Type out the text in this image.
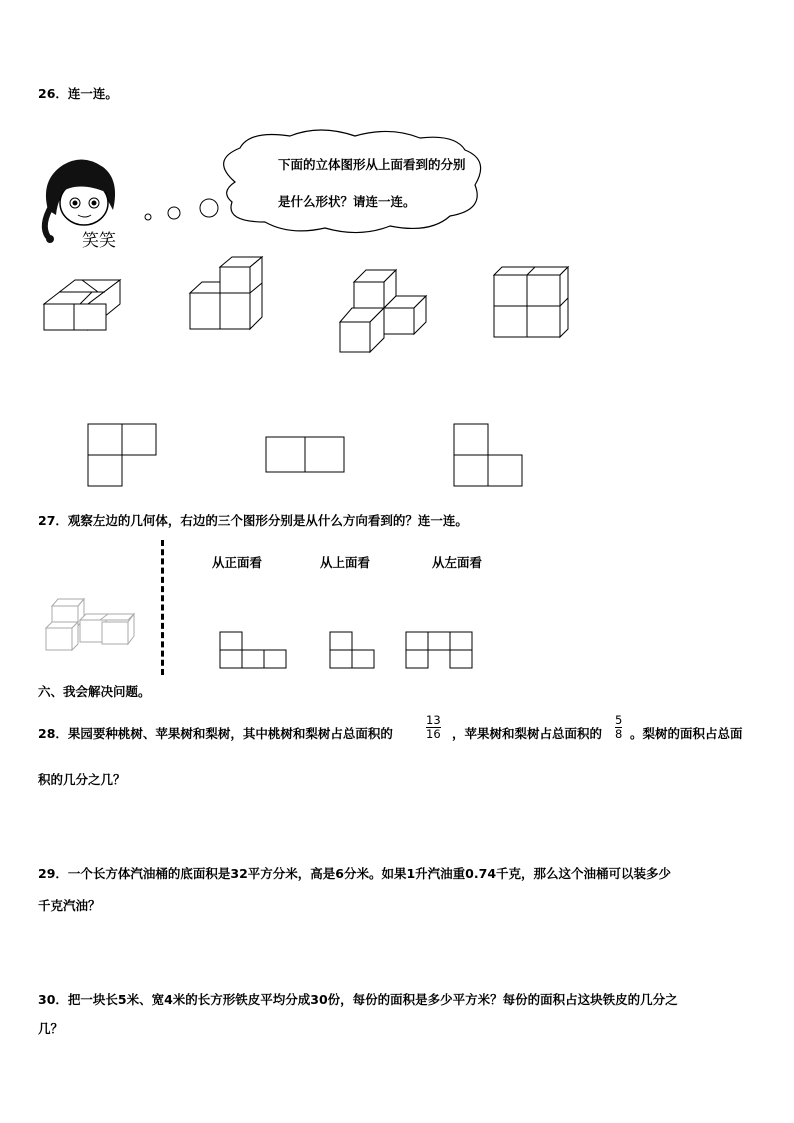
26．连一连。
笑笑
下面的立体图形从上面看到的分别
是什么形状？请连一连。
27．观察左边的几何体，右边的三个图形分别是从什么方向看到的？连一连。
从正面看	从上面看	从左面看
六、我会解决问题。
28．果园要种桃树、苹果树和梨树，其中桃树和梨树占总面积的
13
16 ，苹果树和梨树占总面积的
5
8 。梨树的面积占总面
积的几分之几？
29．一个长方体汽油桶的底面积是32平方分米，高是6分米。如果1升汽油重0.74千克，那么这个油桶可以装多少
千克汽油？
30．把一块长5米、宽4米的长方形铁皮平均分成30份，每份的面积是多少平方米？每份的面积占这块铁皮的几分之
几？
